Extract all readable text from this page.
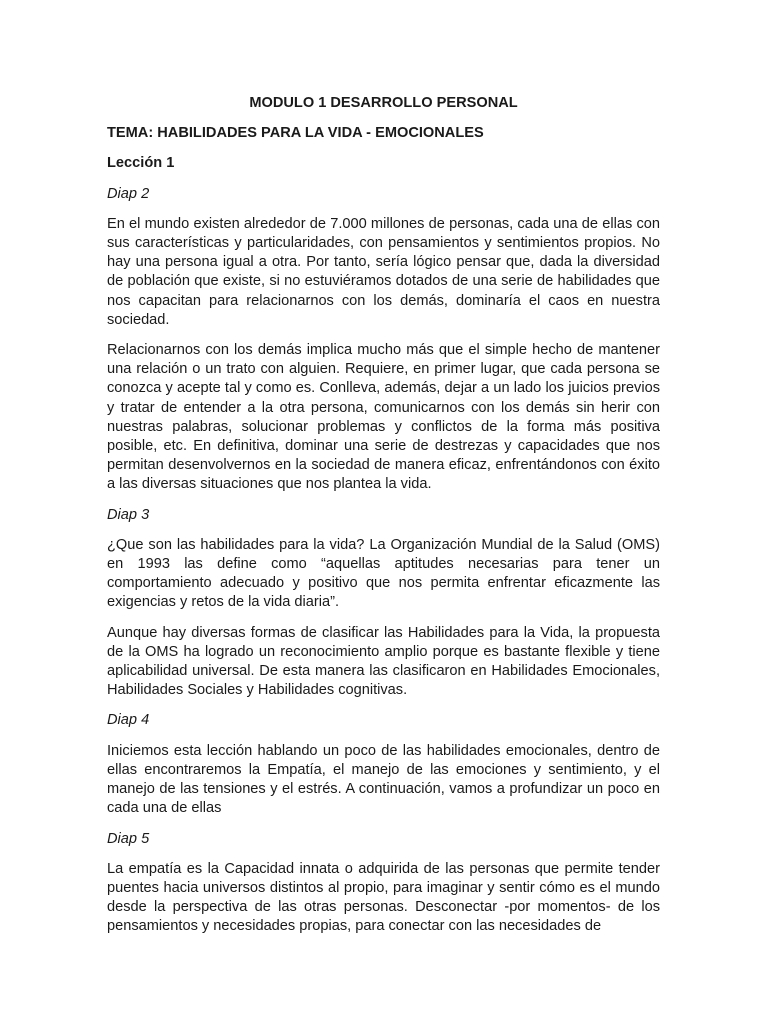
MODULO 1 DESARROLLO PERSONAL
TEMA: HABILIDADES PARA LA VIDA - EMOCIONALES
Lección 1
Diap 2

En el mundo existen alrededor de 7.000 millones de personas, cada una de ellas con sus características y particularidades, con pensamientos y sentimientos propios. No hay una persona igual a otra. Por tanto, sería lógico pensar que, dada la diversidad de población que existe, si no estuviéramos dotados de una serie de habilidades que nos capacitan para relacionarnos con los demás, dominaría el caos en nuestra sociedad.

Relacionarnos con los demás implica mucho más que el simple hecho de mantener una relación o un trato con alguien. Requiere, en primer lugar, que cada persona se conozca y acepte tal y como es. Conlleva, además, dejar a un lado los juicios previos y tratar de entender a la otra persona, comunicarnos con los demás sin herir con nuestras palabras, solucionar problemas y conflictos de la forma más positiva posible, etc. En definitiva, dominar una serie de destrezas y capacidades que nos permitan desenvolvernos en la sociedad de manera eficaz, enfrentándonos con éxito a las diversas situaciones que nos plantea la vida.

Diap 3

¿Que son las habilidades para la vida? La Organización Mundial de la Salud (OMS) en 1993 las define como “aquellas aptitudes necesarias para tener un comportamiento adecuado y positivo que nos permita enfrentar eficazmente las exigencias y retos de la vida diaria”.

Aunque hay diversas formas de clasificar las Habilidades para la Vida, la propuesta de la OMS ha logrado un reconocimiento amplio porque es bastante flexible y tiene aplicabilidad universal. De esta manera las clasificaron en Habilidades Emocionales, Habilidades Sociales y Habilidades cognitivas.

Diap 4

Iniciemos esta lección hablando un poco de las habilidades emocionales, dentro de ellas encontraremos la Empatía, el manejo de las emociones y sentimiento, y el manejo de las tensiones y el estrés. A continuación, vamos a profundizar un poco en cada una de ellas

Diap 5

La empatía es la Capacidad innata o adquirida de las personas que permite tender puentes hacia universos distintos al propio, para imaginar y sentir cómo es el mundo desde la perspectiva de las otras personas. Desconectar -por momentos- de los pensamientos y necesidades propias, para conectar con las necesidades de
